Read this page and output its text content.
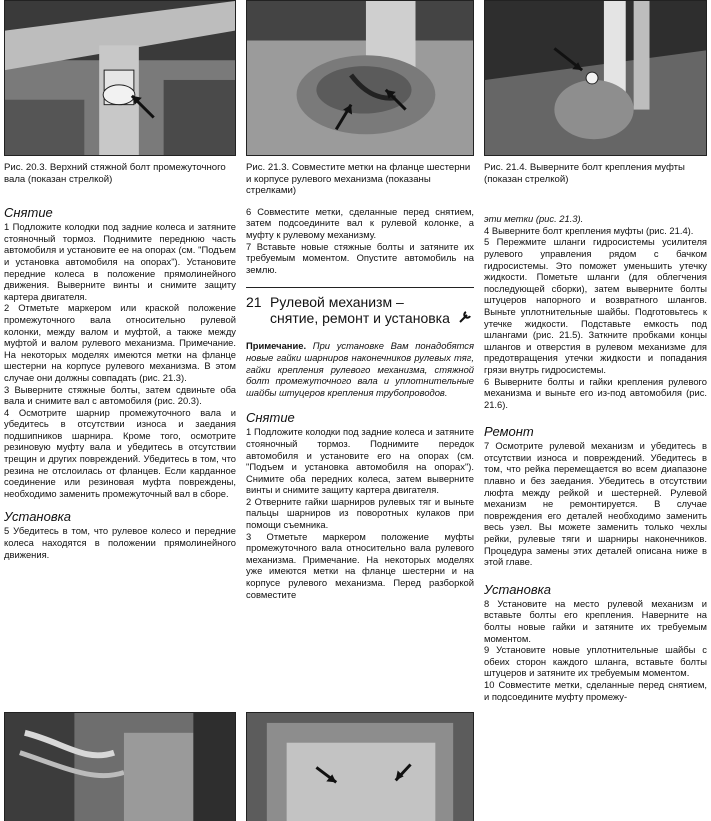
Рис. 20.3. Верхний стяжной болт промежуточного вала (показан стрелкой)

Снятие

1 Подложите колодки под задние колеса и затяните стояночный тормоз. Поднимите переднюю часть автомобиля и установите ее на опорах (см. "Подъем и установка автомобиля на опорах"). Установите передние колеса в положение прямолинейного движения. Выверните винты и снимите защиту картера двигателя.

2 Отметьте маркером или краской положение промежуточного вала относительно рулевой колонки, между валом и муфтой, а также между муфтой и валом рулевого механизма. Примечание. На некоторых моделях имеются метки на фланце шестерни на корпусе рулевого механизма. В этом случае они должны совпадать (рис. 21.3).

3 Выверните стяжные болты, затем сдвиньте оба вала и снимите вал с автомобиля (рис. 20.3).

4 Осмотрите шарнир промежуточного вала и убедитесь в отсутствии износа и заедания подшипников шарнира. Кроме того, осмотрите резиновую муфту вала и убедитесь в отсутствии трещин и других повреждений. Убедитесь в том, что резина не отслоилась от фланцев. Если карданное соединение или резиновая муфта повреждены, необходимо заменить промежуточный вал в сборе.

Установка

5 Убедитесь в том, что рулевое колесо и передние колеса находятся в положении прямолинейного движения.

Рис. 21.3. Совместите метки на фланце шестерни и корпусе рулевого механизма (показаны стрелками)

6 Совместите метки, сделанные перед снятием, затем подсоедините вал к рулевой колонке, а муфту к рулевому механизму.

7 Вставьте новые стяжные болты и затяните их требуемым моментом. Опустите автомобиль на землю.

21 Рулевой механизм –
снятие, ремонт и установка

Примечание. При установке Вам понадобятся новые гайки шарниров наконечников рулевых тяг, гайки крепления рулевого механизма, стяжной болт промежуточного вала и уплотнительные шайбы штуцеров крепления трубопроводов.

Снятие

1 Подложите колодки под задние колеса и затяните стояночный тормоз. Поднимите передок автомобиля и установите его на опорах (см. "Подъем и установка автомобиля на опорах"). Снимите оба передних колеса, затем выверните винты и снимите защиту картера двигателя.

2 Отверните гайки шарниров рулевых тяг и выньте пальцы шарниров из поворотных кулаков при помощи съемника.

3 Отметьте маркером положение муфты промежуточного вала относительно вала рулевого механизма. Примечание. На некоторых моделях уже имеются метки на фланце шестерни и на корпусе рулевого механизма. Перед разборкой совместите

Рис. 21.4. Выверните болт крепления муфты (показан стрелкой)

эти метки (рис. 21.3).

4 Выверните болт крепления муфты (рис. 21.4).

5 Пережмите шланги гидросистемы усилителя рулевого управления рядом с бачком гидросистемы. Это поможет уменьшить утечку жидкости. Пометьте шланги (для облегчения последующей сборки), затем выверните болты штуцеров напорного и возвратного шлангов. Выньте уплотнительные шайбы. Подготовьтесь к утечке жидкости. Подставьте емкость под шлангами (рис. 21.5). Заткните пробками концы шлангов и отверстия в рулевом механизме для предотвращения утечки жидкости и попадания грязи внутрь гидросистемы.

6 Выверните болты и гайки крепления рулевого механизма и выньте его из-под автомобиля (рис. 21.6).

Ремонт

7 Осмотрите рулевой механизм и убедитесь в отсутствии износа и повреждений. Убедитесь в том, что рейка перемещается во всем диапазоне плавно и без заедания. Убедитесь в отсутствии люфта между рейкой и шестерней. Рулевой механизм не ремонтируется. В случае повреждения его деталей необходимо заменить весь узел. Вы можете заменить только чехлы рейки, рулевые тяги и шарниры наконечников. Процедура замены этих деталей описана ниже в этой главе.

Установка

8 Установите на место рулевой механизм и вставьте болты его крепления. Наверните на болты новые гайки и затяните их требуемым моментом.

9 Установите новые уплотнительные шайбы с обеих сторон каждого шланга, вставьте болты штуцеров и затяните их требуемым моментом.

10 Совместите метки, сделанные перед снятием, и подсоедините муфту промежу-
